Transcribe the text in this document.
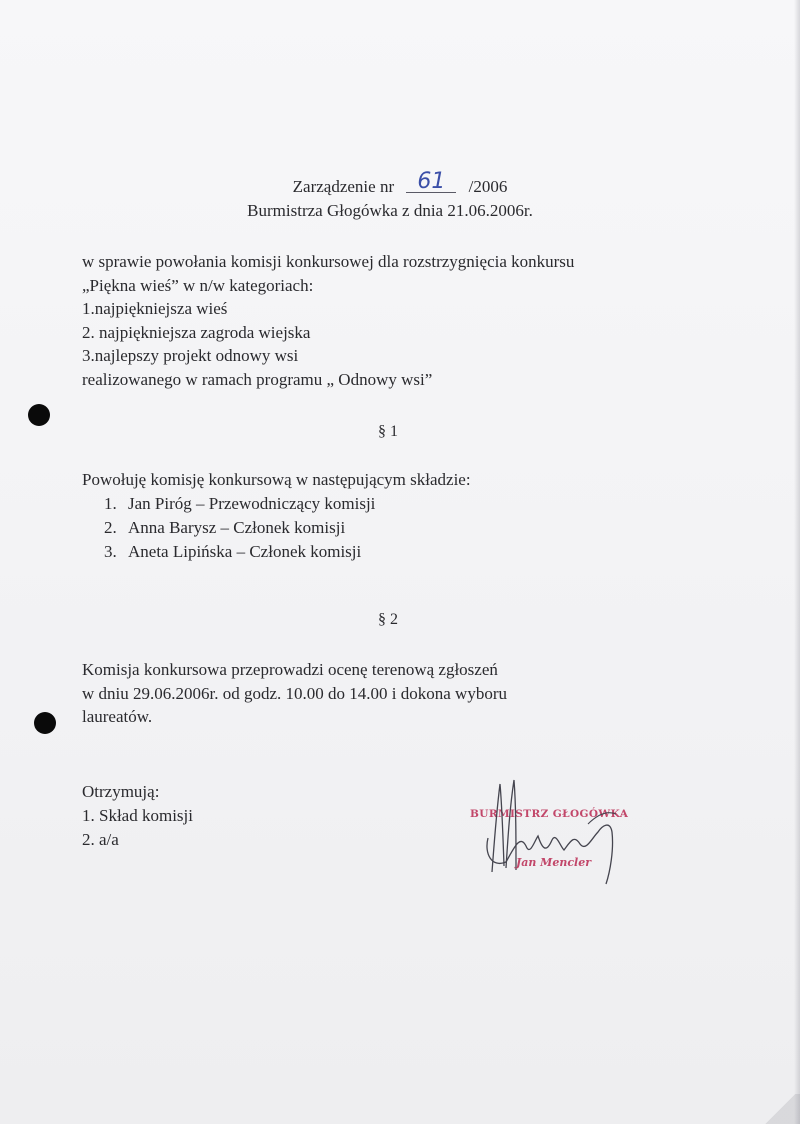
Zarządzenie nr 61 /2006
Burmistrza Głogówka z dnia 21.06.2006r.
w sprawie powołania komisji konkursowej dla rozstrzygnięcia konkursu
„Piękna wieś” w n/w kategoriach:
1.najpiękniejsza wieś
2. najpiękniejsza zagroda wiejska
3.najlepszy projekt odnowy wsi
realizowanego w ramach programu „ Odnowy wsi”
§ 1
Powołuję komisję konkursową w następującym składzie:
1. Jan Piróg – Przewodniczący komisji
2. Anna Barysz – Członek komisji
3. Aneta Lipińska – Członek komisji
§ 2
Komisja konkursowa przeprowadzi ocenę terenową zgłoszeń
w dniu 29.06.2006r. od godz. 10.00 do 14.00 i dokona wyboru
laureatów.
Otrzymują:
1. Skład komisji
2. a/a
BURMISTRZ GŁOGÓWKA
Jan Mencler
